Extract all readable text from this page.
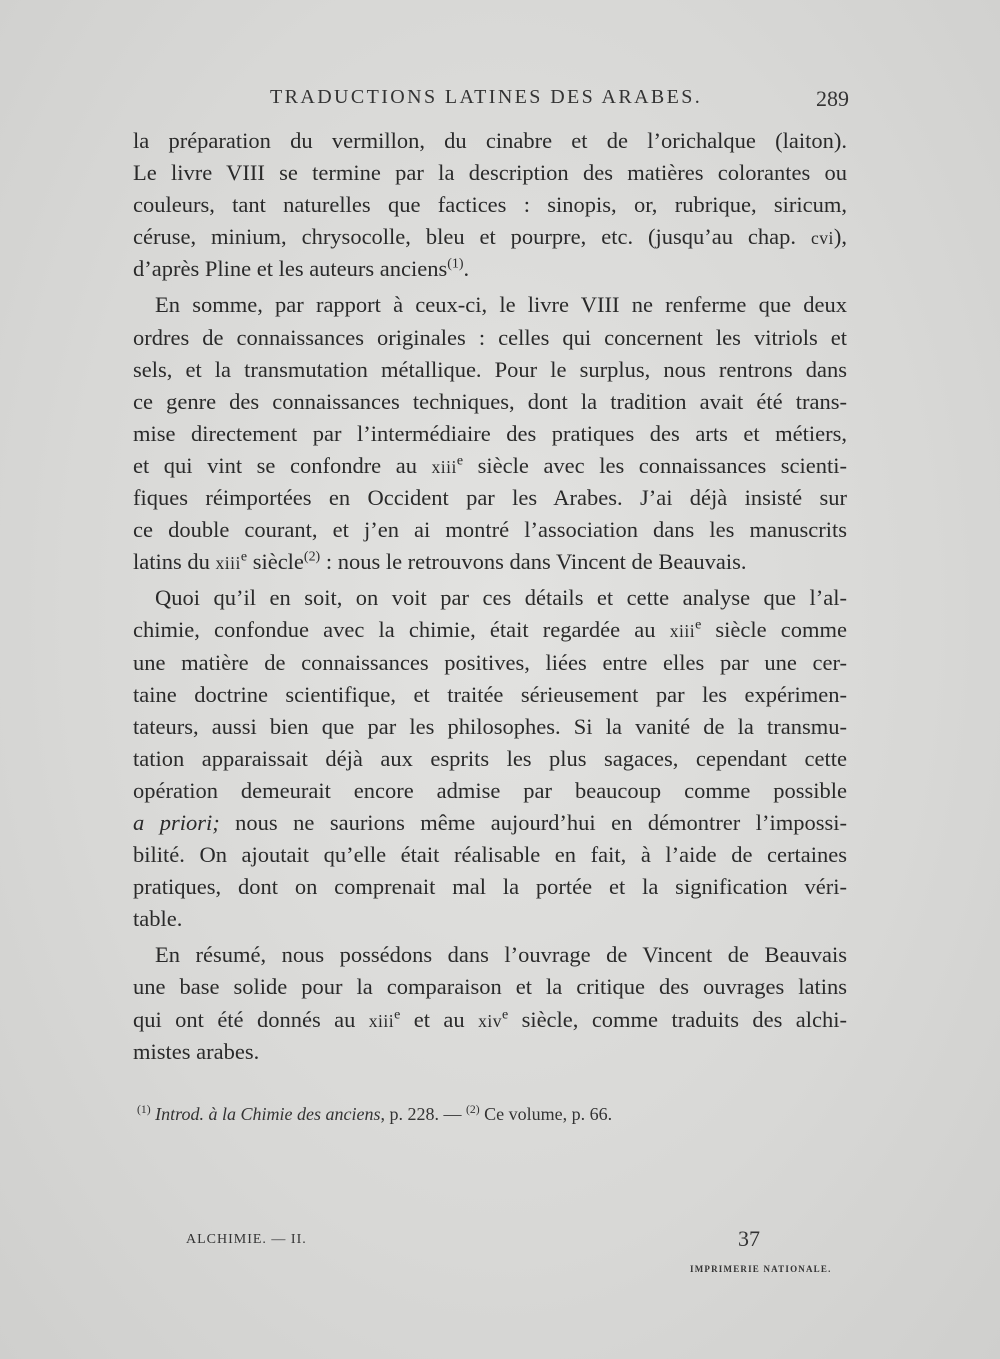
TRADUCTIONS LATINES DES ARABES.	289
la préparation du vermillon, du cinabre et de l’orichalque (laiton).
Le livre VIII se termine par la description des matières colorantes ou
couleurs, tant naturelles que factices : sinopis, or, rubrique, siricum,
céruse, minium, chrysocolle, bleu et pourpre, etc. (jusqu’au chap. cvi),
d’après Pline et les auteurs anciens$^{(1)}$.
En somme, par rapport à ceux-ci, le livre VIII ne renferme que deux
ordres de connaissances originales : celles qui concernent les vitriols et
sels, et la transmutation métallique. Pour le surplus, nous rentrons dans
ce genre des connaissances techniques, dont la tradition avait été trans-
mise directement par l’intermédiaire des pratiques des arts et métiers,
et qui vint se confondre au xiii$^e$ siècle avec les connaissances scienti-
fiques réimportées en Occident par les Arabes. J’ai déjà insisté sur
ce double courant, et j’en ai montré l’association dans les manuscrits
latins du xiii$^e$ siècle$^{(2)}$ : nous le retrouvons dans Vincent de Beauvais.
Quoi qu’il en soit, on voit par ces détails et cette analyse que l’al-
chimie, confondue avec la chimie, était regardée au xiii$^e$ siècle comme
une matière de connaissances positives, liées entre elles par une cer-
taine doctrine scientifique, et traitée sérieusement par les expérimen-
tateurs, aussi bien que par les philosophes. Si la vanité de la transmu-
tation apparaissait déjà aux esprits les plus sagaces, cependant cette
opération demeurait encore admise par beaucoup comme possible
a priori; nous ne saurions même aujourd’hui en démontrer l’impossi-
bilité. On ajoutait qu’elle était réalisable en fait, à l’aide de certaines
pratiques, dont on comprenait mal la portée et la signification véri-
table.
En résumé, nous possédons dans l’ouvrage de Vincent de Beauvais
une base solide pour la comparaison et la critique des ouvrages latins
qui ont été donnés au xiii$^e$ et au xiv$^e$ siècle, comme traduits des alchi-
mistes arabes.
$^{(1)}$ Introd. à la Chimie des anciens, p. 228. — $^{(2)}$ Ce volume, p. 66.
ALCHIMIE. — II.	37
IMPRIMERIE NATIONALE.
